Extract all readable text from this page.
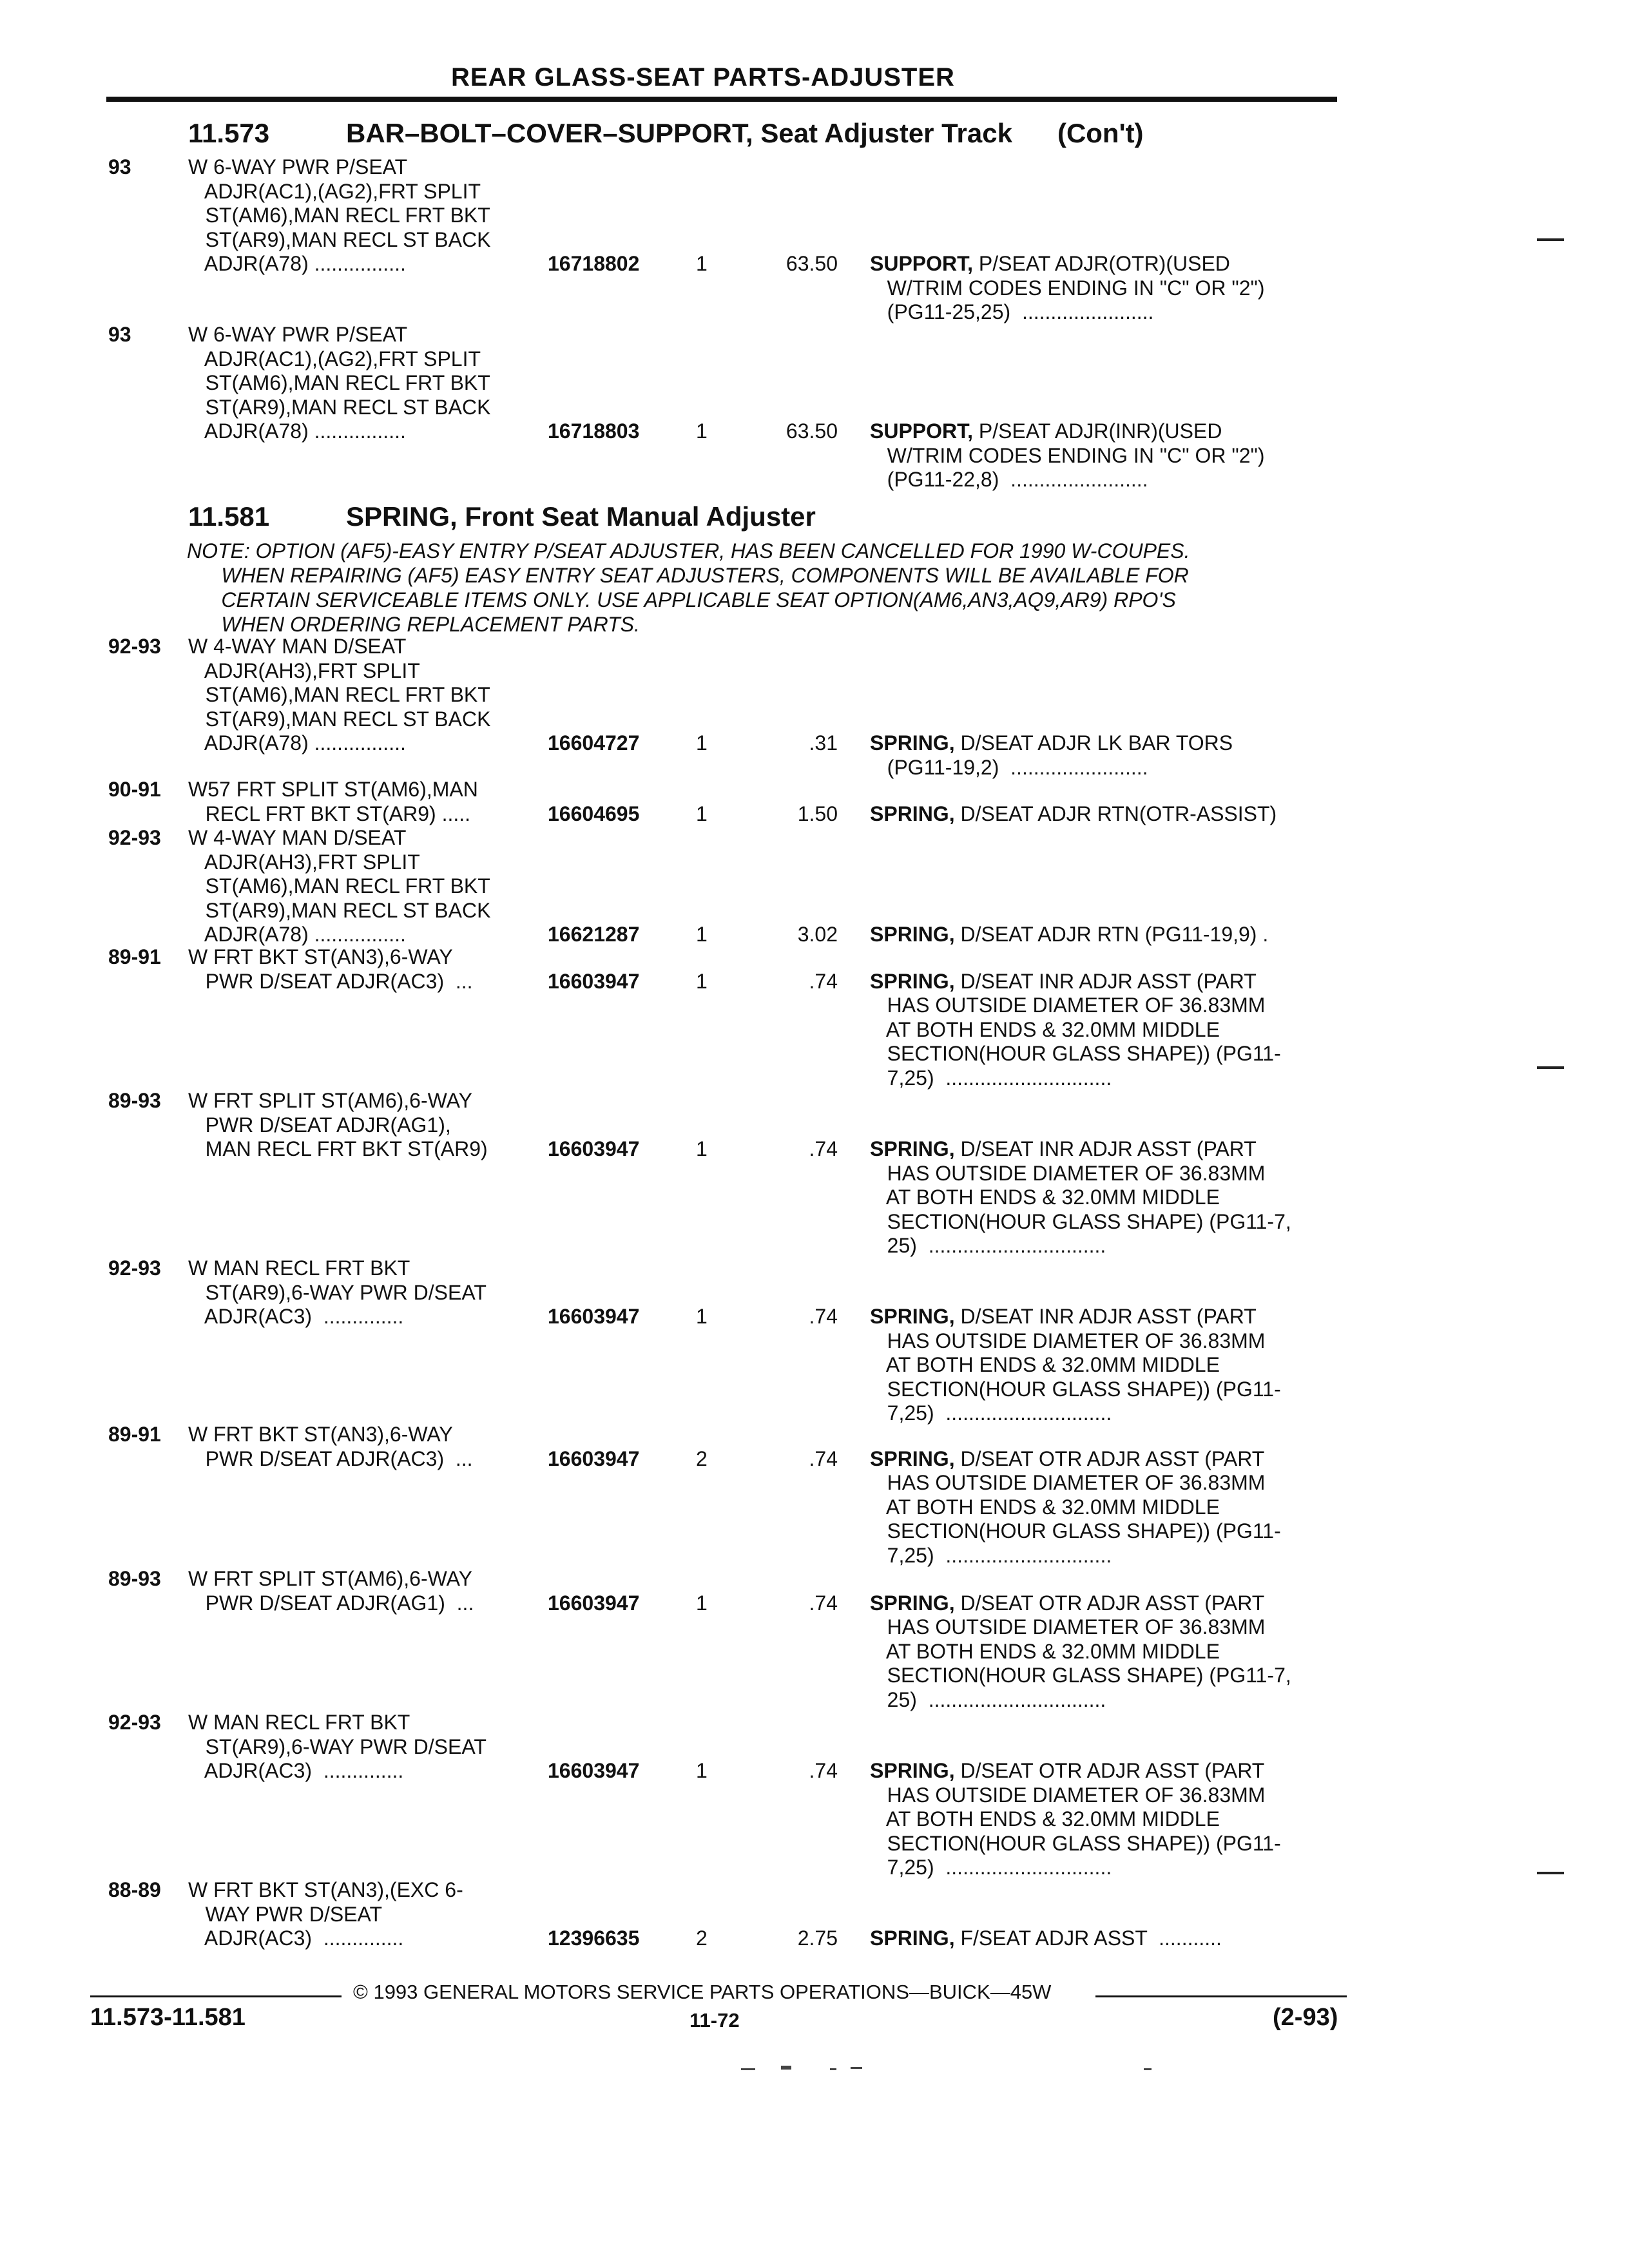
REAR GLASS-SEAT PARTS-ADJUSTER
11.573	BAR–BOLT–COVER–SUPPORT, Seat Adjuster Track (Con't)
93	W 6-WAY PWR P/SEAT
ADJR(AC1),(AG2),FRT SPLIT
ST(AM6),MAN RECL FRT BKT
ST(AR9),MAN RECL ST BACK
ADJR(A78) ................	16718802	1	63.50 SUPPORT, P/SEAT ADJR(OTR)(USED
W/TRIM CODES ENDING IN "C" OR "2")
(PG11-25,25)  .......................
93	W 6-WAY PWR P/SEAT
ADJR(AC1),(AG2),FRT SPLIT
ST(AM6),MAN RECL FRT BKT
ST(AR9),MAN RECL ST BACK
ADJR(A78) ................	16718803	1	63.50 SUPPORT, P/SEAT ADJR(INR)(USED
W/TRIM CODES ENDING IN "C" OR "2")
(PG11-22,8)  ........................
11.581	SPRING, Front Seat Manual Adjuster
NOTE: OPTION (AF5)-EASY ENTRY P/SEAT ADJUSTER, HAS BEEN CANCELLED FOR 1990 W-COUPES.
WHEN REPAIRING (AF5) EASY ENTRY SEAT ADJUSTERS, COMPONENTS WILL BE AVAILABLE FOR
CERTAIN SERVICEABLE ITEMS ONLY. USE APPLICABLE SEAT OPTION(AM6,AN3,AQ9,AR9) RPO'S
WHEN ORDERING REPLACEMENT PARTS.
92-93 W 4-WAY MAN D/SEAT
ADJR(AH3),FRT SPLIT
ST(AM6),MAN RECL FRT BKT
ST(AR9),MAN RECL ST BACK
ADJR(A78) ................	16604727	1	.31 SPRING, D/SEAT ADJR LK BAR TORS
(PG11-19,2)  ........................
90-91 W57 FRT SPLIT ST(AM6),MAN
RECL FRT BKT ST(AR9) .....	16604695	1	1.50 SPRING, D/SEAT ADJR RTN(OTR-ASSIST)
92-93 W 4-WAY MAN D/SEAT
ADJR(AH3),FRT SPLIT
ST(AM6),MAN RECL FRT BKT
ST(AR9),MAN RECL ST BACK
ADJR(A78) ................	16621287	1	3.02 SPRING, D/SEAT ADJR RTN (PG11-19,9) .
89-91 W FRT BKT ST(AN3),6-WAY
PWR D/SEAT ADJR(AC3)  ...	16603947	1	.74 SPRING, D/SEAT INR ADJR ASST (PART
HAS OUTSIDE DIAMETER OF 36.83MM
AT BOTH ENDS & 32.0MM MIDDLE
SECTION(HOUR GLASS SHAPE)) (PG11-
7,25)  .............................
89-93 W FRT SPLIT ST(AM6),6-WAY
PWR D/SEAT ADJR(AG1),
MAN RECL FRT BKT ST(AR9)	16603947	1	.74 SPRING, D/SEAT INR ADJR ASST (PART
HAS OUTSIDE DIAMETER OF 36.83MM
AT BOTH ENDS & 32.0MM MIDDLE
SECTION(HOUR GLASS SHAPE) (PG11-7,
25)  ...............................
92-93 W MAN RECL FRT BKT
ST(AR9),6-WAY PWR D/SEAT
ADJR(AC3)  ..............	16603947	1	.74 SPRING, D/SEAT INR ADJR ASST (PART
HAS OUTSIDE DIAMETER OF 36.83MM
AT BOTH ENDS & 32.0MM MIDDLE
SECTION(HOUR GLASS SHAPE)) (PG11-
7,25)  .............................
89-91 W FRT BKT ST(AN3),6-WAY
PWR D/SEAT ADJR(AC3)  ...	16603947	2	.74 SPRING, D/SEAT OTR ADJR ASST (PART
HAS OUTSIDE DIAMETER OF 36.83MM
AT BOTH ENDS & 32.0MM MIDDLE
SECTION(HOUR GLASS SHAPE)) (PG11-
7,25)  .............................
89-93 W FRT SPLIT ST(AM6),6-WAY
PWR D/SEAT ADJR(AG1)  ...	16603947	1	.74 SPRING, D/SEAT OTR ADJR ASST (PART
HAS OUTSIDE DIAMETER OF 36.83MM
AT BOTH ENDS & 32.0MM MIDDLE
SECTION(HOUR GLASS SHAPE) (PG11-7,
25)  ...............................
92-93 W MAN RECL FRT BKT
ST(AR9),6-WAY PWR D/SEAT
ADJR(AC3)  ..............	16603947	1	.74 SPRING, D/SEAT OTR ADJR ASST (PART
HAS OUTSIDE DIAMETER OF 36.83MM
AT BOTH ENDS & 32.0MM MIDDLE
SECTION(HOUR GLASS SHAPE)) (PG11-
7,25)  .............................
88-89 W FRT BKT ST(AN3),(EXC 6-
WAY PWR D/SEAT
ADJR(AC3)  ..............	12396635	2	2.75 SPRING, F/SEAT ADJR ASST  ...........
© 1993 GENERAL MOTORS SERVICE PARTS OPERATIONS—BUICK—45W
11.573-11.581	11-72	(2-93)
